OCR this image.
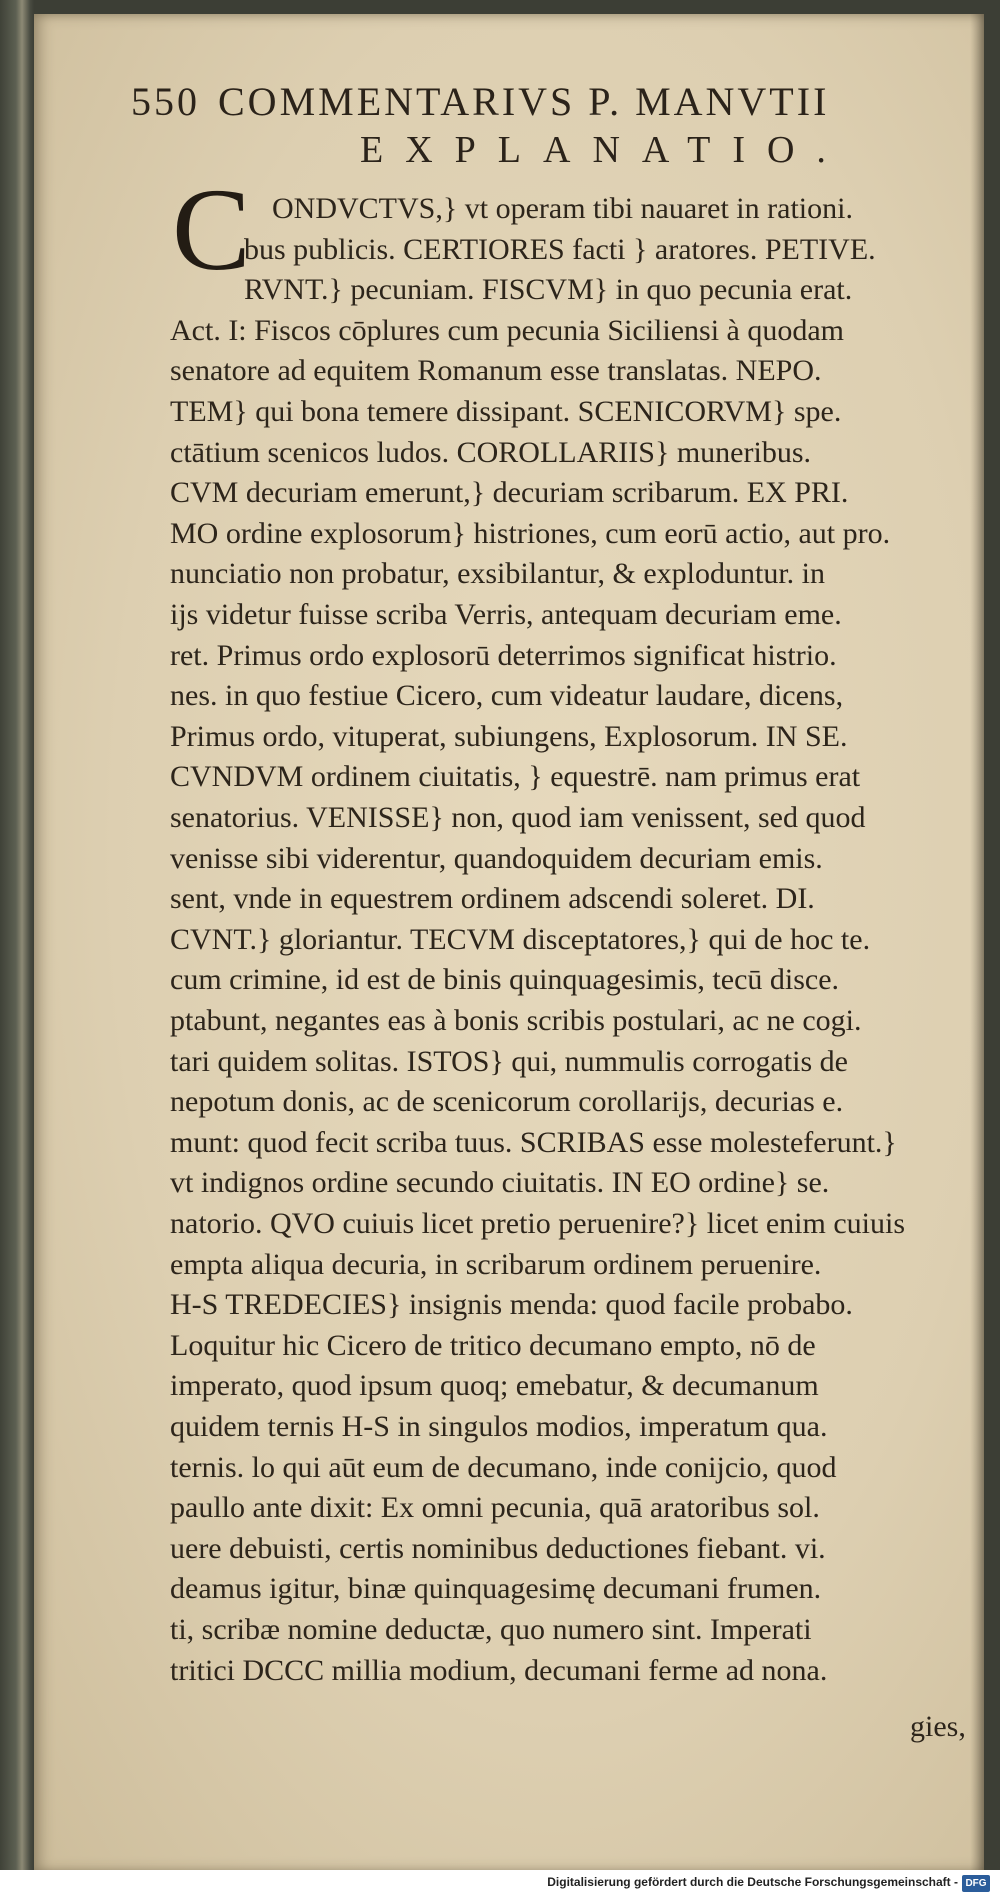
550 COMMENTARIVS P. MANVTII
EXPLANATIO.
C ONDVCTVS,} vt operam tibi nauaret in rationi.
bus publicis. CERTIORES facti } aratores. PETIVE.
RVNT.} pecuniam. FISCVM} in quo pecunia erat.
Act. I: Fiscos cōplures cum pecunia Siciliensi à quodam
senatore ad equitem Romanum esse translatas. NEPO.
TEM} qui bona temere dissipant. SCENICORVM} spe.
ctātium scenicos ludos. COROLLARIIS} muneribus.
CVM decuriam emerunt,} decuriam scribarum. EX PRI.
MO ordine explosorum} histriones, cum eorū actio, aut pro.
nunciatio non probatur, exsibilantur, & exploduntur. in
ijs videtur fuisse scriba Verris, antequam decuriam eme.
ret. Primus ordo explosorū deterrimos significat histrio.
nes. in quo festiue Cicero, cum videatur laudare, dicens,
Primus ordo, vituperat, subiungens, Explosorum. IN SE.
CVNDVM ordinem ciuitatis, } equestrē. nam primus erat
senatorius. VENISSE} non, quod iam venissent, sed quod
venisse sibi viderentur, quandoquidem decuriam emis.
sent, vnde in equestrem ordinem adscendi soleret. DI.
CVNT.} gloriantur. TECVM disceptatores,} qui de hoc te.
cum crimine, id est de binis quinquagesimis, tecū disce.
ptabunt, negantes eas à bonis scribis postulari, ac ne cogi.
tari quidem solitas. ISTOS} qui, nummulis corrogatis de
nepotum donis, ac de scenicorum corollarijs, decurias e.
munt: quod fecit scriba tuus. SCRIBAS esse molesteferunt.}
vt indignos ordine secundo ciuitatis. IN EO ordine} se.
natorio. QVO cuiuis licet pretio peruenire?} licet enim cuiuis
empta aliqua decuria, in scribarum ordinem peruenire.
H-S TREDECIES} insignis menda: quod facile probabo.
Loquitur hic Cicero de tritico decumano empto, nō de
imperato, quod ipsum quoq; emebatur, & decumanum
quidem ternis H-S in singulos modios, imperatum qua.
ternis. lo qui aūt eum de decumano, inde conijcio, quod
paullo ante dixit: Ex omni pecunia, quā aratoribus sol.
uere debuisti, certis nominibus deductiones fiebant. vi.
deamus igitur, binæ quinquagesimę decumani frumen.
ti, scribæ nomine deductæ, quo numero sint. Imperati
tritici DCCC millia modium, decumani ferme ad nona.
gies,
Digitalisierung gefördert durch die Deutsche Forschungsgemeinschaft - DFG
